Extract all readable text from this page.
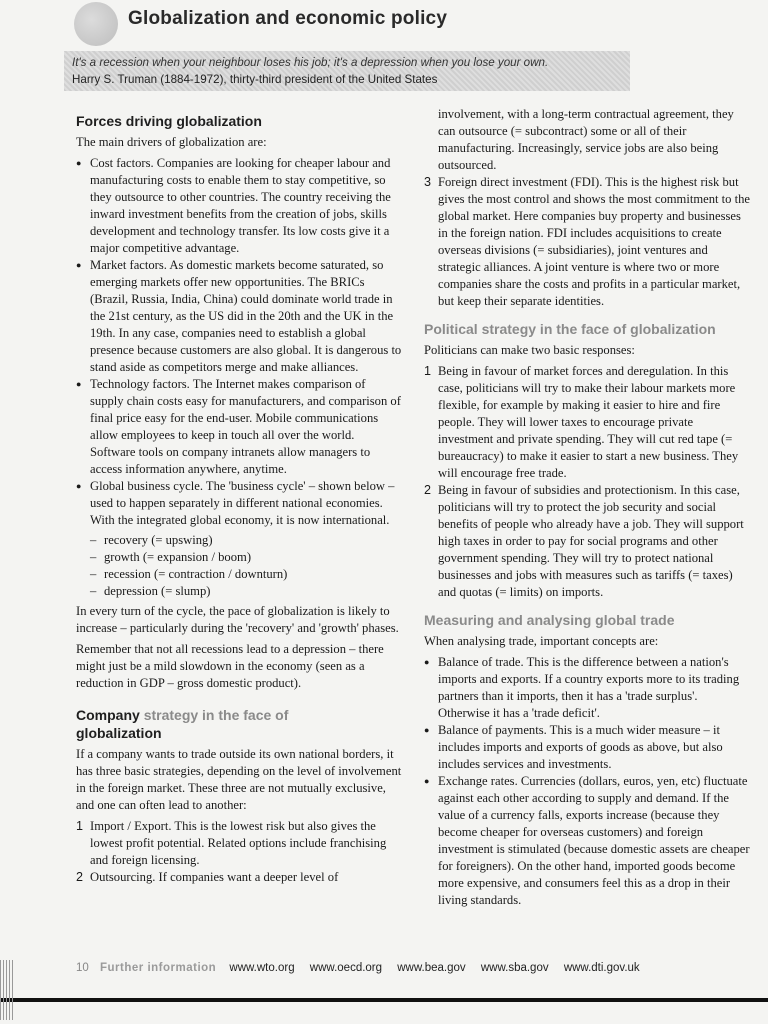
Globalization and economic policy
It's a recession when your neighbour loses his job; it's a depression when you lose your own.
Harry S. Truman (1884-1972), thirty-third president of the United States
Forces driving globalization

The main drivers of globalization are:

● Cost factors. Companies are looking for cheaper labour and manufacturing costs to enable them to stay competitive, so they outsource to other countries. The country receiving the inward investment benefits from the creation of jobs, skills development and technology transfer. Its low costs give it a major competitive advantage.
● Market factors. As domestic markets become saturated, so emerging markets offer new opportunities. The BRICs (Brazil, Russia, India, China) could dominate world trade in the 21st century, as the US did in the 20th and the UK in the 19th. In any case, companies need to establish a global presence because customers are also global. It is dangerous to stand aside as competitors merge and make alliances.
● Technology factors. The Internet makes comparison of supply chain costs easy for manufacturers, and comparison of final price easy for the end-user. Mobile communications allow employees to keep in touch all over the world. Software tools on company intranets allow managers to access information anywhere, anytime.
● Global business cycle. The 'business cycle' – shown below – used to happen separately in different national economies. With the integrated global economy, it is now international.
– recovery (= upswing)
– growth (= expansion / boom)
– recession (= contraction / downturn)
– depression (= slump)

In every turn of the cycle, the pace of globalization is likely to increase – particularly during the 'recovery' and 'growth' phases.

Remember that not all recessions lead to a depression – there might just be a mild slowdown in the economy (seen as a reduction in GDP – gross domestic product).

Company strategy in the face of
globalization

If a company wants to trade outside its own national borders, it has three basic strategies, depending on the level of involvement in the foreign market. These three are not mutually exclusive, and one can often lead to another:

1 Import / Export. This is the lowest risk but also gives the lowest profit potential. Related options include franchising and foreign licensing.
2 Outsourcing. If companies want a deeper level of

involvement, with a long-term contractual agreement, they can outsource (= subcontract) some or all of their manufacturing. Increasingly, service jobs are also being outsourced.

3 Foreign direct investment (FDI). This is the highest risk but gives the most control and shows the most commitment to the global market. Here companies buy property and businesses in the foreign nation. FDI includes acquisitions to create overseas divisions (= subsidiaries), joint ventures and strategic alliances. A joint venture is where two or more companies share the costs and profits in a particular market, but keep their separate identities.
Political strategy in the face of globalization

Politicians can make two basic responses:

1 Being in favour of market forces and deregulation. In this case, politicians will try to make their labour markets more flexible, for example by making it easier to hire and fire people. They will lower taxes to encourage private investment and private spending. They will cut red tape (= bureaucracy) to make it easier to start a new business. They will encourage free trade.
2 Being in favour of subsidies and protectionism. In this case, politicians will try to protect the job security and social benefits of people who already have a job. They will support high taxes in order to pay for social programs and other government spending. They will try to protect national businesses and jobs with measures such as tariffs (= taxes) and quotas (= limits) on imports.
Measuring and analysing global trade

When analysing trade, important concepts are:

● Balance of trade. This is the difference between a nation's imports and exports. If a country exports more to its trading partners than it imports, then it has a 'trade surplus'. Otherwise it has a 'trade deficit'.
● Balance of payments. This is a much wider measure – it includes imports and exports of goods as above, but also includes services and investments.
● Exchange rates. Currencies (dollars, euros, yen, etc) fluctuate against each other according to supply and demand. If the value of a currency falls, exports increase (because they become cheaper for overseas customers) and foreign investment is stimulated (because domestic assets are cheaper for foreigners). On the other hand, imported goods become more expensive, and consumers feel this as a drop in their living standards.
10 Further information www.wto.org www.oecd.org www.bea.gov www.sba.gov www.dti.gov.uk
